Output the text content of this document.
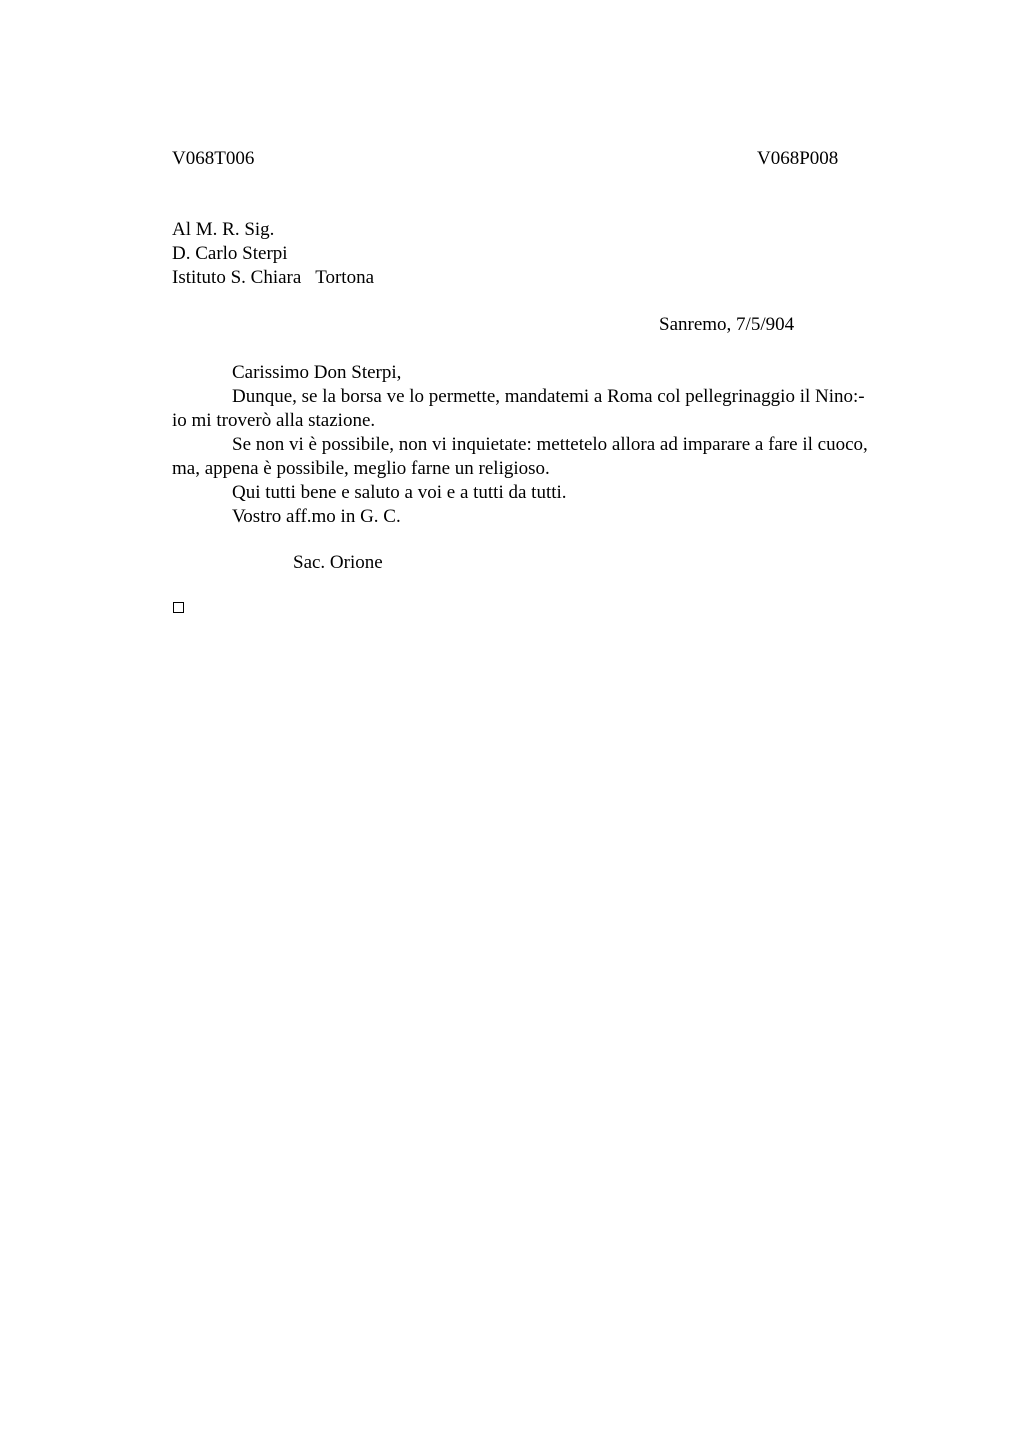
V068T006	V068P008
Al M. R. Sig.
D. Carlo Sterpi
Istituto S. Chiara   Tortona
Sanremo, 7/5/904

Carissimo Don Sterpi,

Dunque, se la borsa ve lo permette, mandatemi a Roma col pellegrinaggio il Nino:-

io mi troverò alla stazione.

Se non vi è possibile, non vi inquietate: mettetelo allora ad imparare a fare il cuoco,

ma, appena è possibile, meglio farne un religioso.

Qui tutti bene e saluto a voi e a tutti da tutti.

Vostro aff.mo in G. C.

Sac. Orione
